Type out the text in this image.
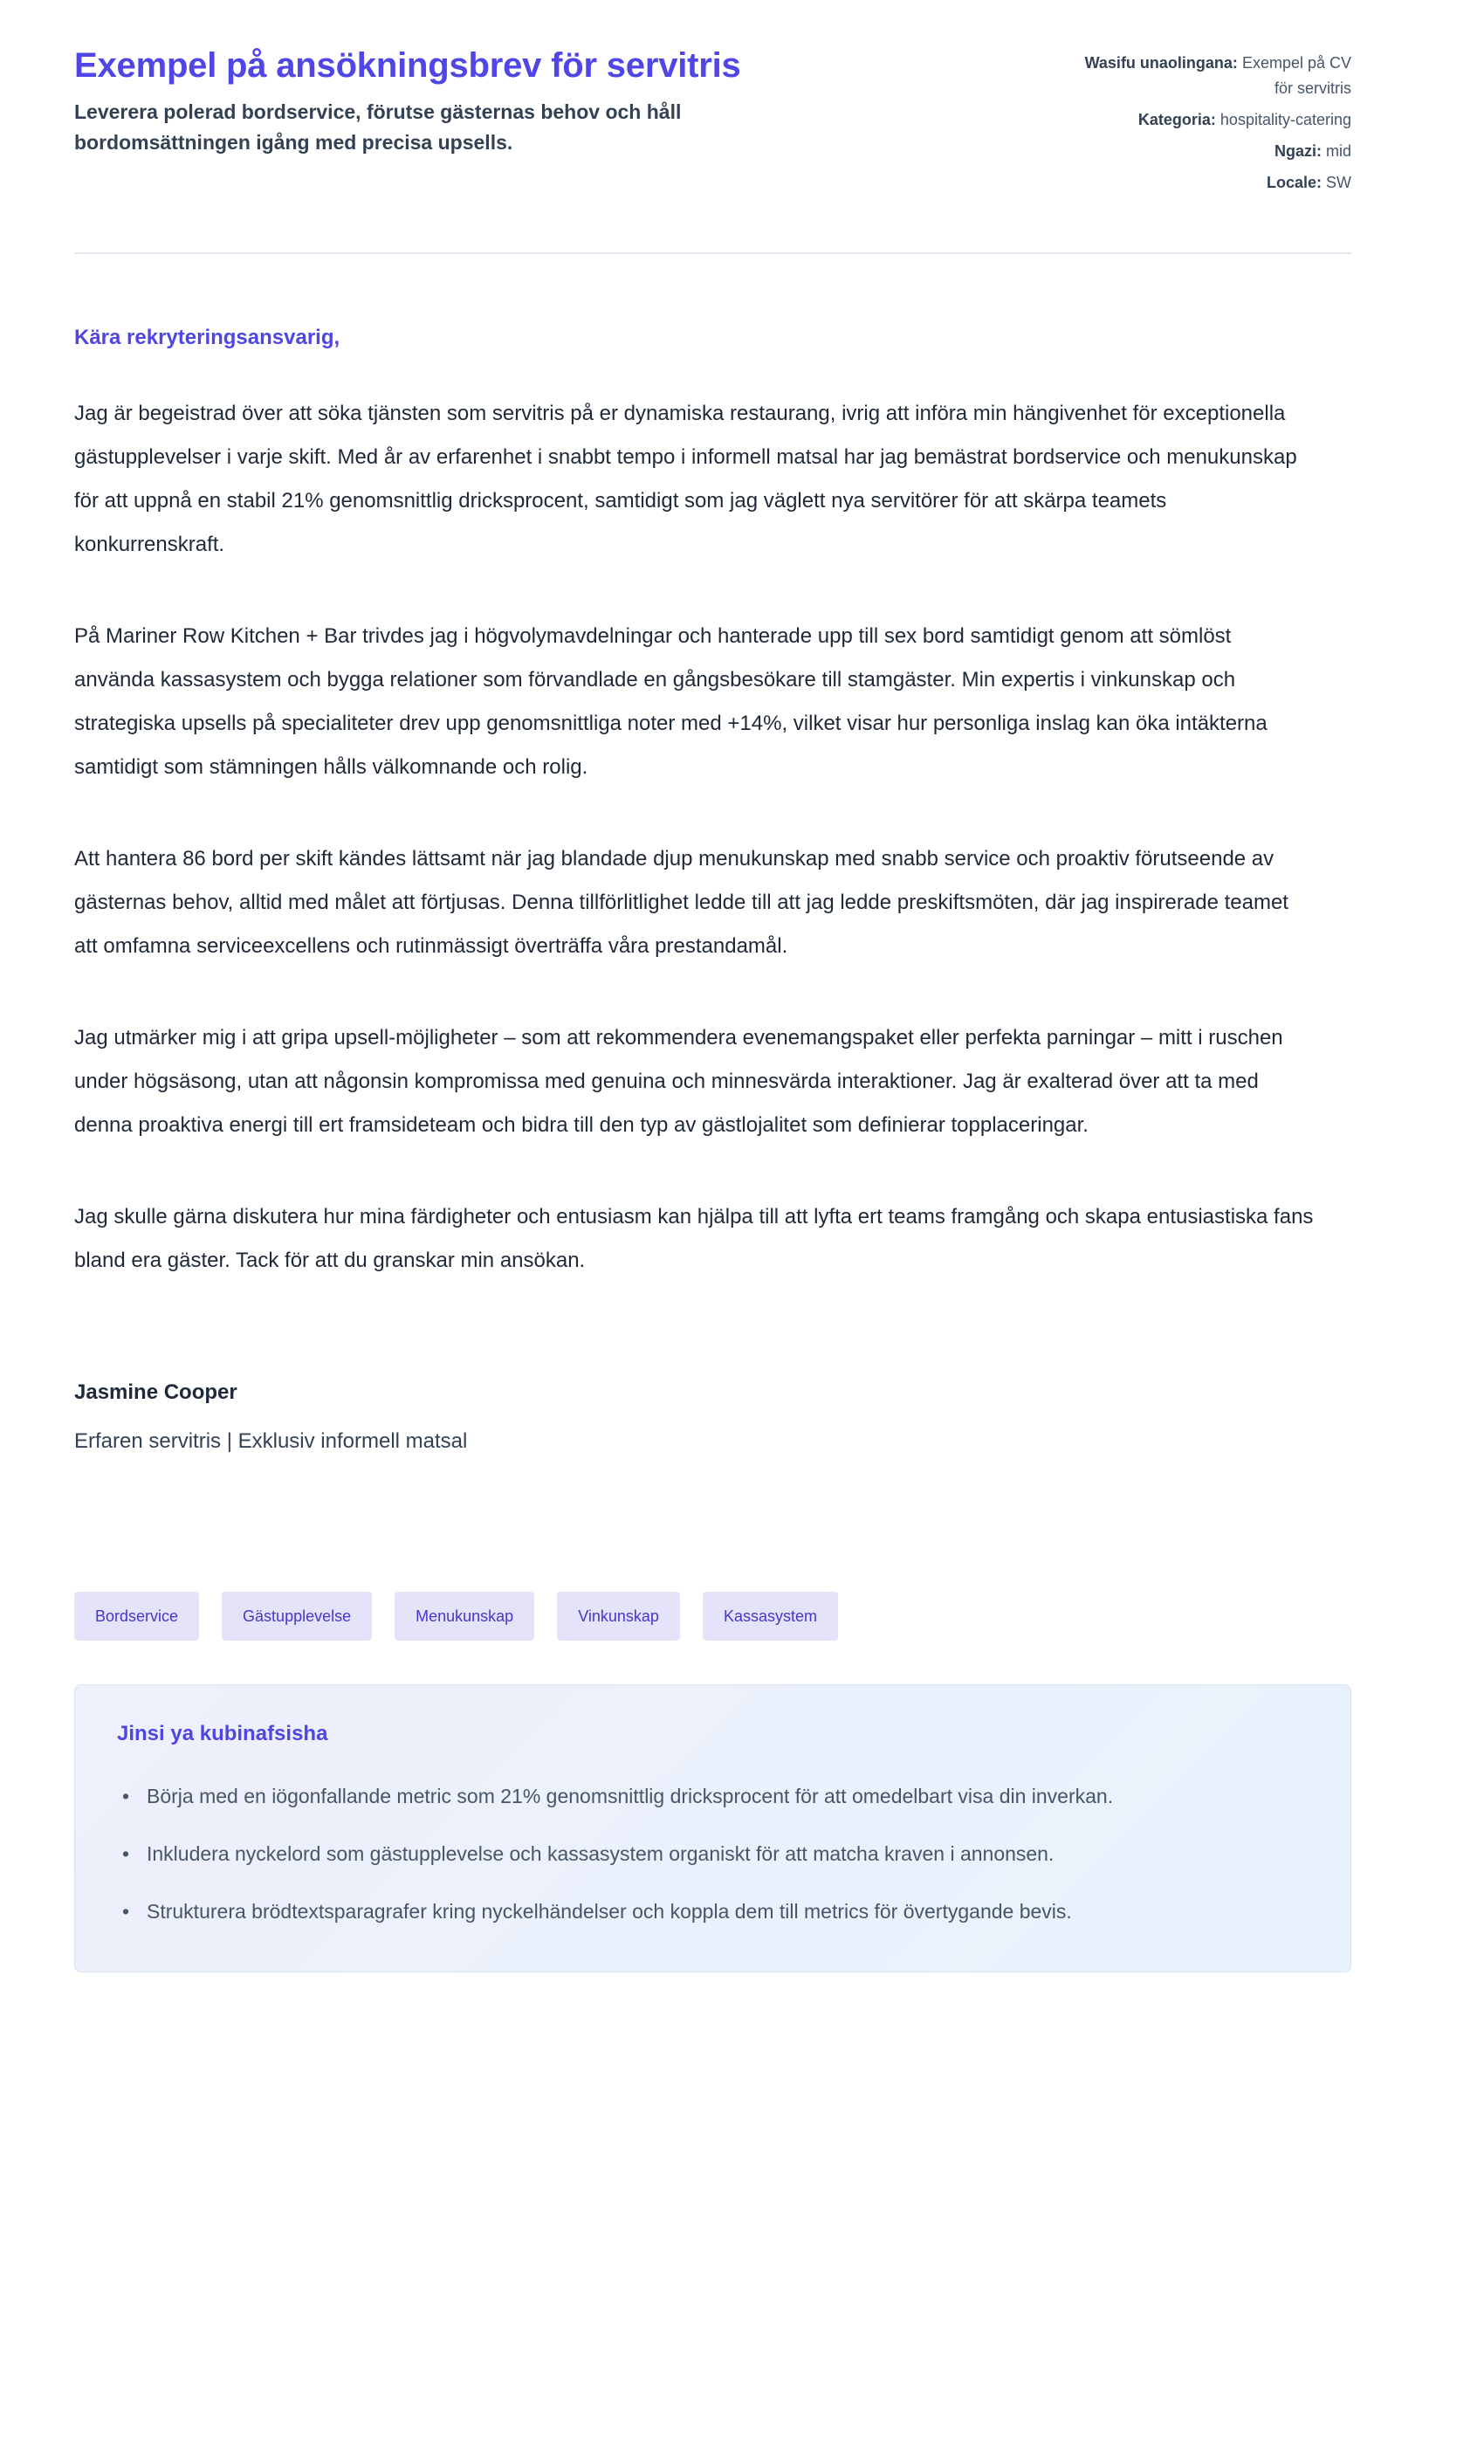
Exempel på ansökningsbrev för servitris

Leverera polerad bordservice, förutse gästernas behov och håll bordomsättningen igång med precisa upsells.

Wasifu unaolingana: Exempel på CV för servitris
Kategoria: hospitality-catering
Ngazi: mid
Locale: SW

Kära rekryteringsansvarig,

Jag är begeistrad över att söka tjänsten som servitris på er dynamiska restaurang, ivrig att införa min hängivenhet för exceptionella gästupplevelser i varje skift. Med år av erfarenhet i snabbt tempo i informell matsal har jag bemästrat bordservice och menukunskap för att uppnå en stabil 21% genomsnittlig dricksprocent, samtidigt som jag väglett nya servitörer för att skärpa teamets konkurrenskraft.

På Mariner Row Kitchen + Bar trivdes jag i högvolymavdelningar och hanterade upp till sex bord samtidigt genom att sömlöst använda kassasystem och bygga relationer som förvandlade en gångsbesökare till stamgäster. Min expertis i vinkunskap och strategiska upsells på specialiteter drev upp genomsnittliga noter med +14%, vilket visar hur personliga inslag kan öka intäkterna samtidigt som stämningen hålls välkomnande och rolig.

Att hantera 86 bord per skift kändes lättsamt när jag blandade djup menukunskap med snabb service och proaktiv förutseende av gästernas behov, alltid med målet att förtjusas. Denna tillförlitlighet ledde till att jag ledde preskiftsmöten, där jag inspirerade teamet att omfamna serviceexcellens och rutinmässigt överträffa våra prestandamål.

Jag utmärker mig i att gripa upsell-möjligheter – som att rekommendera evenemangspaket eller perfekta parningar – mitt i ruschen under högsäsong, utan att någonsin kompromissa med genuina och minnesvärda interaktioner. Jag är exalterad över att ta med denna proaktiva energi till ert framsideteam och bidra till den typ av gästlojalitet som definierar topplaceringar.

Jag skulle gärna diskutera hur mina färdigheter och entusiasm kan hjälpa till att lyfta ert teams framgång och skapa entusiastiska fans bland era gäster. Tack för att du granskar min ansökan.

Jasmine Cooper

Erfaren servitris | Exklusiv informell matsal

Bordservice	Gästupplevelse	Menukunskap	Vinkunskap	Kassasystem
Jinsi ya kubinafsisha
• Börja med en iögonfallande metric som 21% genomsnittlig dricksprocent för att omedelbart visa din inverkan.
• Inkludera nyckelord som gästupplevelse och kassasystem organiskt för att matcha kraven i annonsen.
• Strukturera brödtextsparagrafer kring nyckelhändelser och koppla dem till metrics för övertygande bevis.
